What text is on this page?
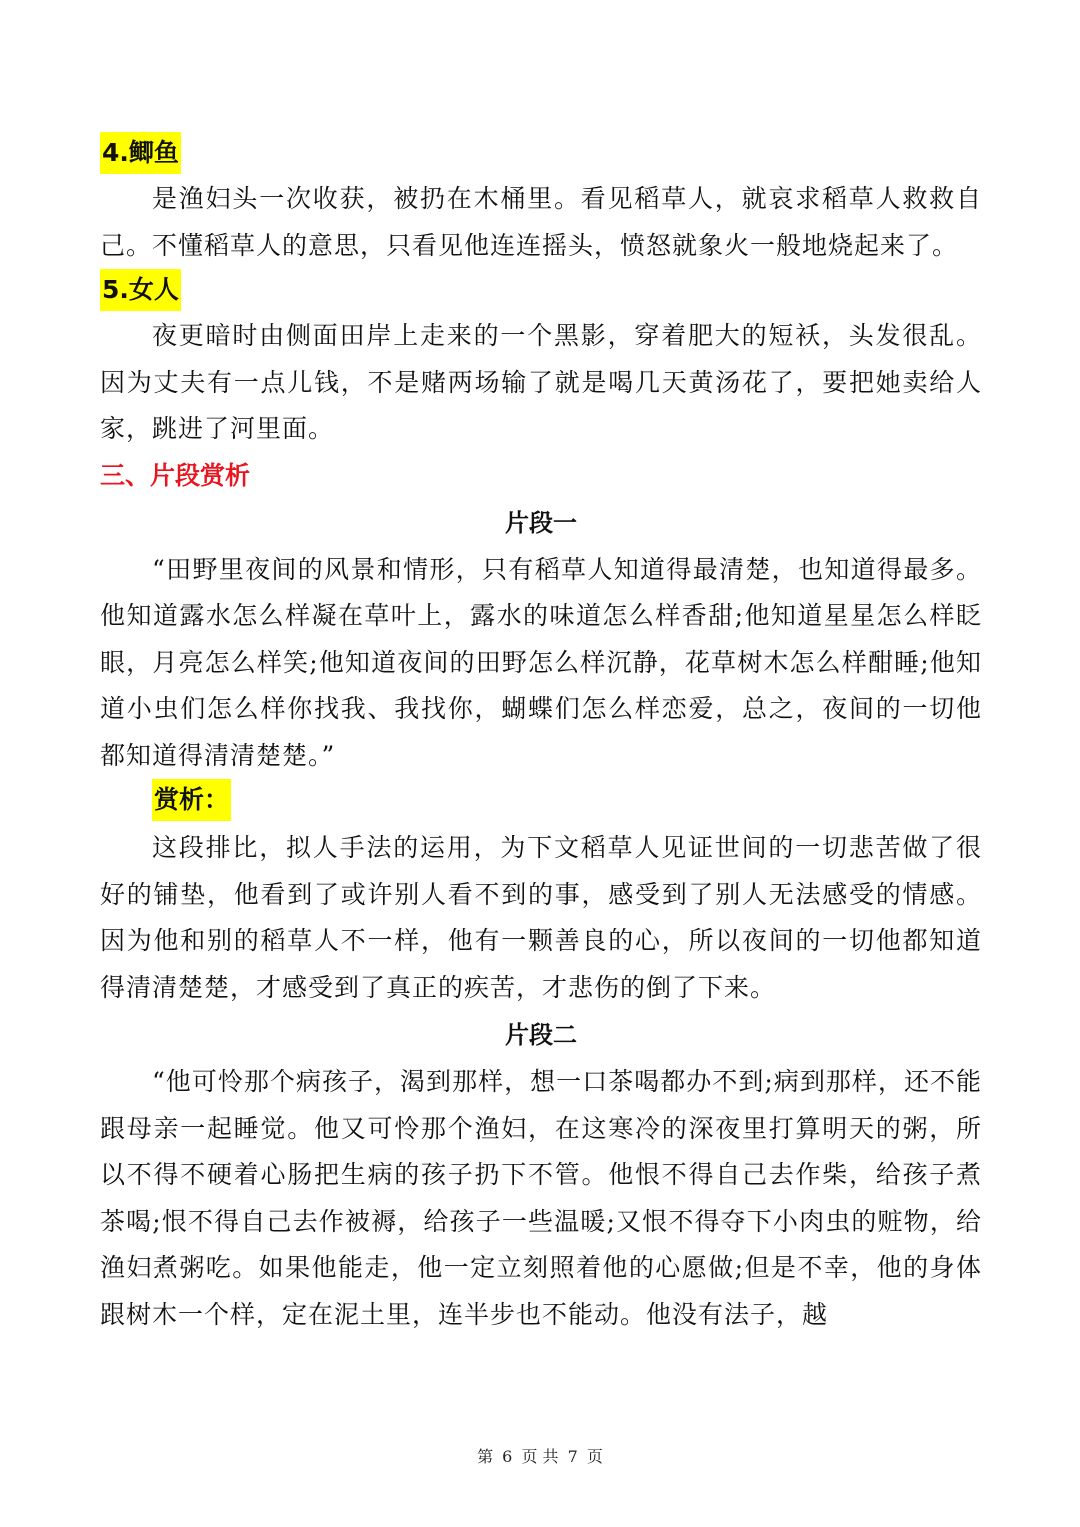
4.鲫鱼

是渔妇头一次收获，被扔在木桶里。看见稻草人，就哀求稻草人救救自己。不懂稻草人的意思，只看见他连连摇头，愤怒就象火一般地烧起来了。

5.女人

夜更暗时由侧面田岸上走来的一个黑影，穿着肥大的短袄，头发很乱。因为丈夫有一点儿钱，不是赌两场输了就是喝几天黄汤花了，要把她卖给人家，跳进了河里面。

三、片段赏析

片段一

“田野里夜间的风景和情形，只有稻草人知道得最清楚，也知道得最多。他知道露水怎么样凝在草叶上，露水的味道怎么样香甜;他知道星星怎么样眨眼，月亮怎么样笑;他知道夜间的田野怎么样沉静，花草树木怎么样酣睡;他知道小虫们怎么样你找我、我找你，蝴蝶们怎么样恋爱，总之，夜间的一切他都知道得清清楚楚。”

赏析：

这段排比，拟人手法的运用，为下文稻草人见证世间的一切悲苦做了很好的铺垫，他看到了或许别人看不到的事，感受到了别人无法感受的情感。因为他和别的稻草人不一样，他有一颗善良的心，所以夜间的一切他都知道得清清楚楚，才感受到了真正的疾苦，才悲伤的倒了下来。

片段二

“他可怜那个病孩子，渴到那样，想一口茶喝都办不到;病到那样，还不能跟母亲一起睡觉。他又可怜那个渔妇，在这寒冷的深夜里打算明天的粥，所以不得不硬着心肠把生病的孩子扔下不管。他恨不得自己去作柴，给孩子煮茶喝;恨不得自己去作被褥，给孩子一些温暖;又恨不得夺下小肉虫的赃物，给渔妇煮粥吃。如果他能走，他一定立刻照着他的心愿做;但是不幸，他的身体跟树木一个样，定在泥土里，连半步也不能动。他没有法子，越

第 6 页 共 7 页
